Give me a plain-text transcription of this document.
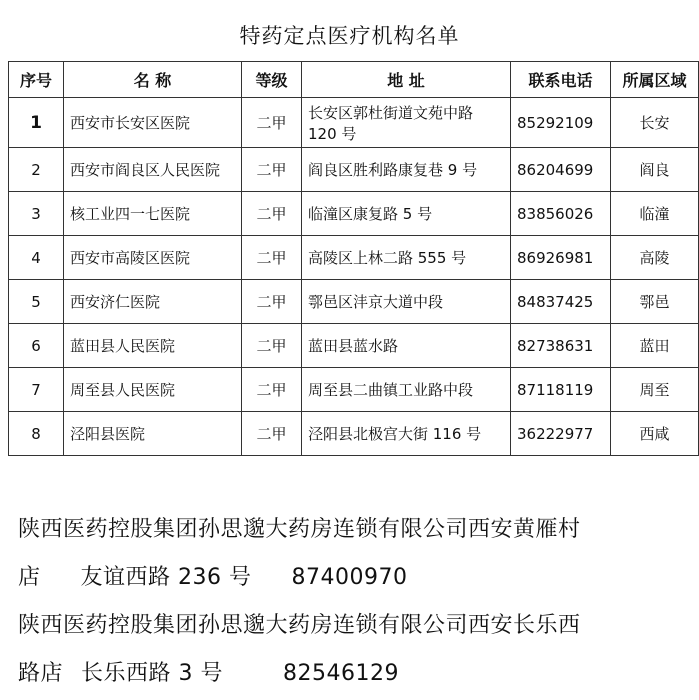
特药定点医疗机构名单
序号	名 称	等级	地 址	联系电话	所属区域
1	西安市长安区医院	二甲	长安区郭杜街道文苑中路 120 号	85292109	长安
2	西安市阎良区人民医院	二甲	阎良区胜利路康复巷 9 号	86204699	阎良
3	核工业四一七医院	二甲	临潼区康复路 5 号	83856026	临潼
4	西安市高陵区医院	二甲	高陵区上林二路 555 号	86926981	高陵
5	西安济仁医院	二甲	鄠邑区沣京大道中段	84837425	鄠邑
6	蓝田县人民医院	二甲	蓝田县蓝水路	82738631	蓝田
7	周至县人民医院	二甲	周至县二曲镇工业路中段	87118119	周至
8	泾阳县医院	二甲	泾阳县北极宫大街 116 号	36222977	西咸
陕西医药控股集团孙思邈大药房连锁有限公司西安黄雁村
店 友谊西路 236 号 87400970
陕西医药控股集团孙思邈大药房连锁有限公司西安长乐西
路店 长乐西路 3 号	82546129
